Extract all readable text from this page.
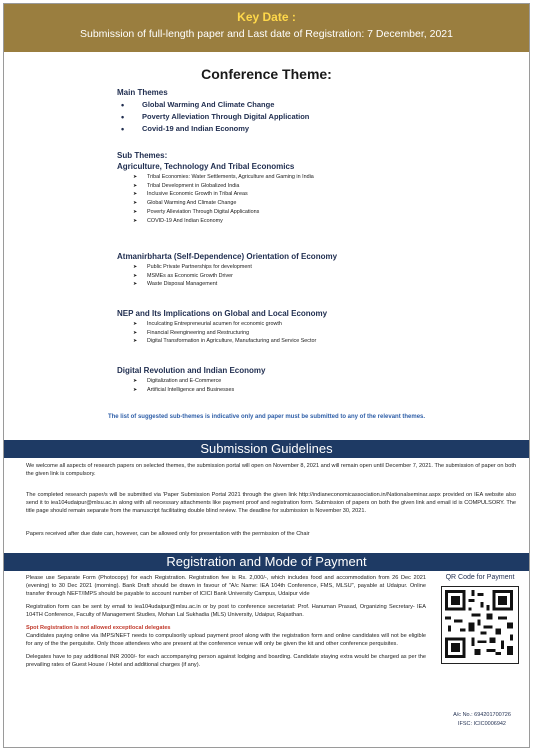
Key Date :
Submission of full-length paper and Last date of Registration: 7 December, 2021
Conference Theme:
Main Themes
• Global Warming And Climate Change
• Poverty Alleviation Through Digital Application
• Covid-19 and Indian Economy
Sub Themes:
Agriculture, Technology And Tribal Economics
➤ Tribal Economies: Water Settlements, Agriculture and Gaming in India
➤ Tribal Development in Globalized India
➤ Inclusive Economic Growth in Tribal Areas
➤ Global Warming And Climate Change
➤ Poverty Alleviation Through Digital Applications
➤ COVID-19 And Indian Economy
Atmanirbharta (Self-Dependence) Orientation of Economy
➤ Public Private Partnerships for development
➤ MSMEs as Economic Growth Driver
➤ Waste Disposal Management
NEP and Its Implications on Global and Local Economy
➤ Inculcating Entrepreneurial acumen for economic growth
➤ Financial Reengineering and Restructuring
➤ Digital Transformation in Agriculture, Manufacturing and Service Sector
Digital Revolution and Indian Economy
➤ Digitalization and E-Commerce
➤ Artificial Intelligence and Businesses
The list of suggested sub-themes is indicative only and paper must be submitted to any of the relevant themes.
Submission Guidelines
We welcome all aspects of research papers on selected themes, the submission portal will open on November 8, 2021 and will remain open until December 7, 2021. The submission of paper on both the given link is compulsory.
The completed research paper/s will be submitted via 'Paper Submission Portal 2021 through the given link http://indianeconomicassociation.in/Nationalseminar.aspx provided on IEA website also send it to iea104udaipur@mlsu.ac.in along with all necessary attachments like payment proof and registration form. Submission of papers on both the given link and email id is COMPULSORY. The title page should remain separate from the manuscript facilitating double blind review. The deadline for submission is November 30, 2021.
Papers received after due date can, however, can be allowed only for presentation with the permission of the Chair
Registration and Mode of Payment

Please use Separate Form (Photocopy) for each Registration. Registration fee is Rs. 2,000/-, which includes food and accommodation from 26 Dec 2021 (evening) to 30 Dec 2021 (morning). Bank Draft should be drawn in favour of "A/c Name: IEA 104th Conference, FMS, MLSU", payable at Udaipur. Online transfer through NEFT/IMPS should be payable to account number of ICICI Bank University Campus, Udaipur vide

Registration form can be sent by email to iea104udaipur@mlsu.ac.in or by post to conference secretariat: Prof. Hanuman Prasad, Organizing Secretary- IEA 104TH Conference, Faculty of Management Studies, Mohan Lal Sukhadia (MLS) University, Udaipur, Rajasthan.

Spot Registration is not allowed exceptlocal delegates

Candidates paying online via IMPS/NEFT needs to compulsorily upload payment proof along with the registration form and online candidates will not be eligible for any of the the perquisite. Only those attendees who are present at the conference venue will only be given the kit and other conference perquisites.

Delegates have to pay additional INR 2000/- for each accompanying person against lodging and boarding. Candidate staying extra would be charged as per the prevailing rates of Guest House / Hotel and additional charges (if any).

QR Code for Payment
A/c No.: 694201700726
IFSC: ICIC0006942
